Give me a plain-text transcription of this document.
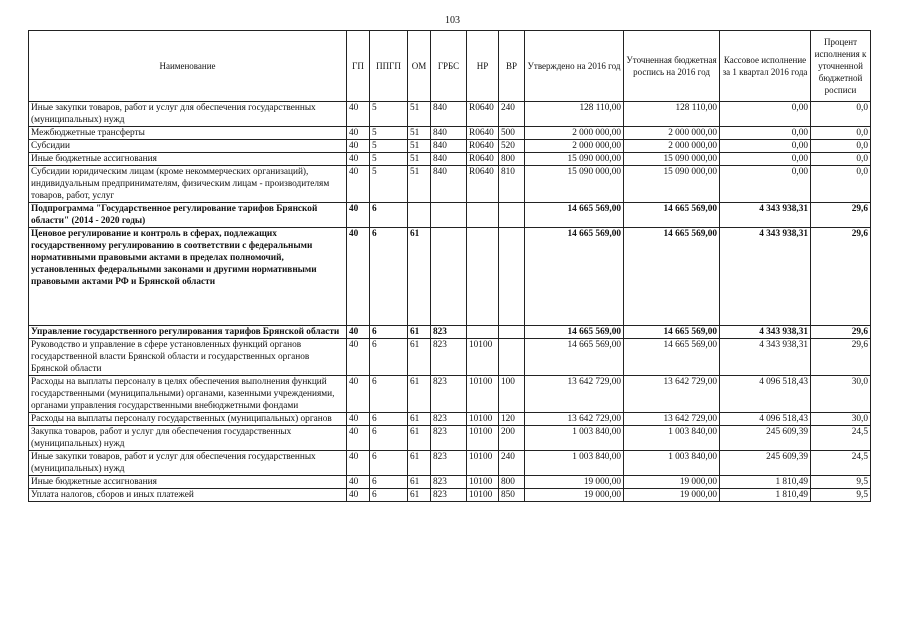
103
Наименование	ГП	ППГП	ОМ	ГРБС	НР	ВР	Утверждено на 2016 год	Уточненная бюджетная роспись на 2016 год	Кассовое исполнение за 1 квартал 2016 года	Процент исполнения к уточненной бюджетной росписи
Иные закупки товаров, работ и услуг для обеспечения государственных (муниципальных) нужд	40	5	51	840	R0640	240	128 110,00	128 110,00	0,00	0,0
Межбюджетные трансферты	40	5	51	840	R0640	500	2 000 000,00	2 000 000,00	0,00	0,0
Субсидии	40	5	51	840	R0640	520	2 000 000,00	2 000 000,00	0,00	0,0
Иные бюджетные ассигнования	40	5	51	840	R0640	800	15 090 000,00	15 090 000,00	0,00	0,0
Субсидии юридическим лицам (кроме некоммерческих организаций), индивидуальным предпринимателям, физическим лицам - производителям товаров, работ, услуг	40	5	51	840	R0640	810	15 090 000,00	15 090 000,00	0,00	0,0
Подпрограмма "Государственное регулирование тарифов Брянской области" (2014 - 2020 годы)	40	6					14 665 569,00	14 665 569,00	4 343 938,31	29,6
Ценовое регулирование и контроль в сферах, подлежащих государственному регулированию в соответствии с федеральными нормативными правовыми актами в пределах полномочий, установленных федеральными законами и другими нормативными правовыми актами РФ и Брянской области	40	6	61				14 665 569,00	14 665 569,00	4 343 938,31	29,6
Управление государственного регулирования тарифов Брянской области	40	6	61	823			14 665 569,00	14 665 569,00	4 343 938,31	29,6
Руководство и управление в сфере установленных функций органов государственной власти Брянской области и государственных органов Брянской области	40	6	61	823	10100		14 665 569,00	14 665 569,00	4 343 938,31	29,6
Расходы на выплаты персоналу в целях обеспечения выполнения функций государственными (муниципальными) органами, казенными учреждениями, органами управления государственными внебюджетными фондами	40	6	61	823	10100	100	13 642 729,00	13 642 729,00	4 096 518,43	30,0
Расходы на выплаты персоналу государственных (муниципальных) органов	40	6	61	823	10100	120	13 642 729,00	13 642 729,00	4 096 518,43	30,0
Закупка товаров, работ и услуг для обеспечения государственных (муниципальных) нужд	40	6	61	823	10100	200	1 003 840,00	1 003 840,00	245 609,39	24,5
Иные закупки товаров, работ и услуг для обеспечения государственных (муниципальных) нужд	40	6	61	823	10100	240	1 003 840,00	1 003 840,00	245 609,39	24,5
Иные бюджетные ассигнования	40	6	61	823	10100	800	19 000,00	19 000,00	1 810,49	9,5
Уплата налогов, сборов и иных платежей	40	6	61	823	10100	850	19 000,00	19 000,00	1 810,49	9,5
